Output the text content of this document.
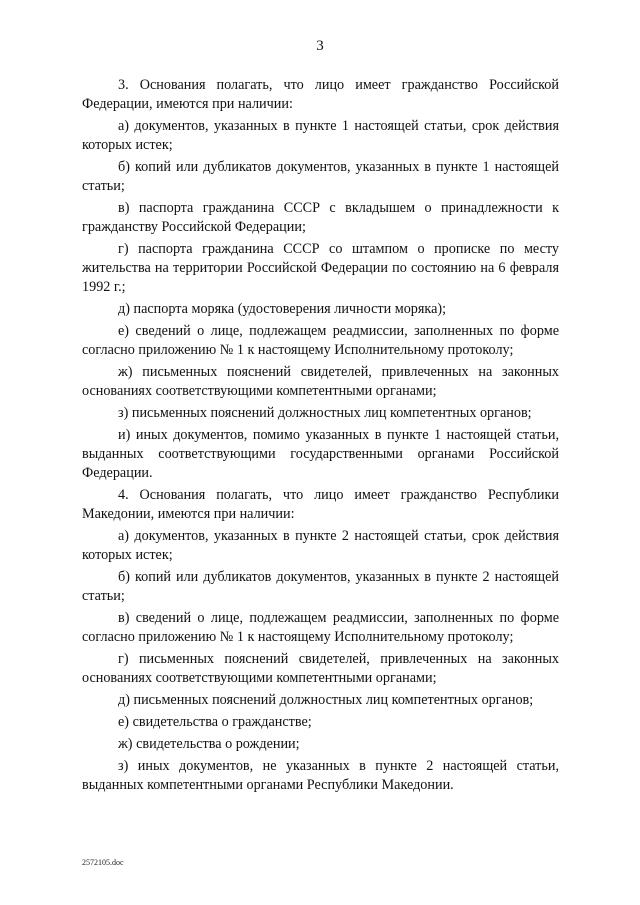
3

3. Основания полагать, что лицо имеет гражданство Российской Федерации, имеются при наличии:

а) документов, указанных в пункте 1 настоящей статьи, срок действия которых истек;

б) копий или дубликатов документов, указанных в пункте 1 настоящей статьи;

в) паспорта гражданина СССР с вкладышем о принадлежности к гражданству Российской Федерации;

г) паспорта гражданина СССР со штампом о прописке по месту жительства на территории Российской Федерации по состоянию на 6 февраля 1992 г.;

д) паспорта моряка (удостоверения личности моряка);

е) сведений о лице, подлежащем реадмиссии, заполненных по форме согласно приложению № 1 к настоящему Исполнительному протоколу;

ж) письменных пояснений свидетелей, привлеченных на законных основаниях соответствующими компетентными органами;

з) письменных пояснений должностных лиц компетентных органов;

и) иных документов, помимо указанных в пункте 1 настоящей статьи, выданных соответствующими государственными органами Российской Федерации.

4. Основания полагать, что лицо имеет гражданство Республики Македонии, имеются при наличии:

а) документов, указанных в пункте 2 настоящей статьи, срок действия которых истек;

б) копий или дубликатов документов, указанных в пункте 2 настоящей статьи;

в) сведений о лице, подлежащем реадмиссии, заполненных по форме согласно приложению № 1 к настоящему Исполнительному протоколу;

г) письменных пояснений свидетелей, привлеченных на законных основаниях соответствующими компетентными органами;

д) письменных пояснений должностных лиц компетентных органов;

е) свидетельства о гражданстве;

ж) свидетельства о рождении;

з) иных документов, не указанных в пункте 2 настоящей статьи, выданных компетентными органами Республики Македонии.

2572105.doc
